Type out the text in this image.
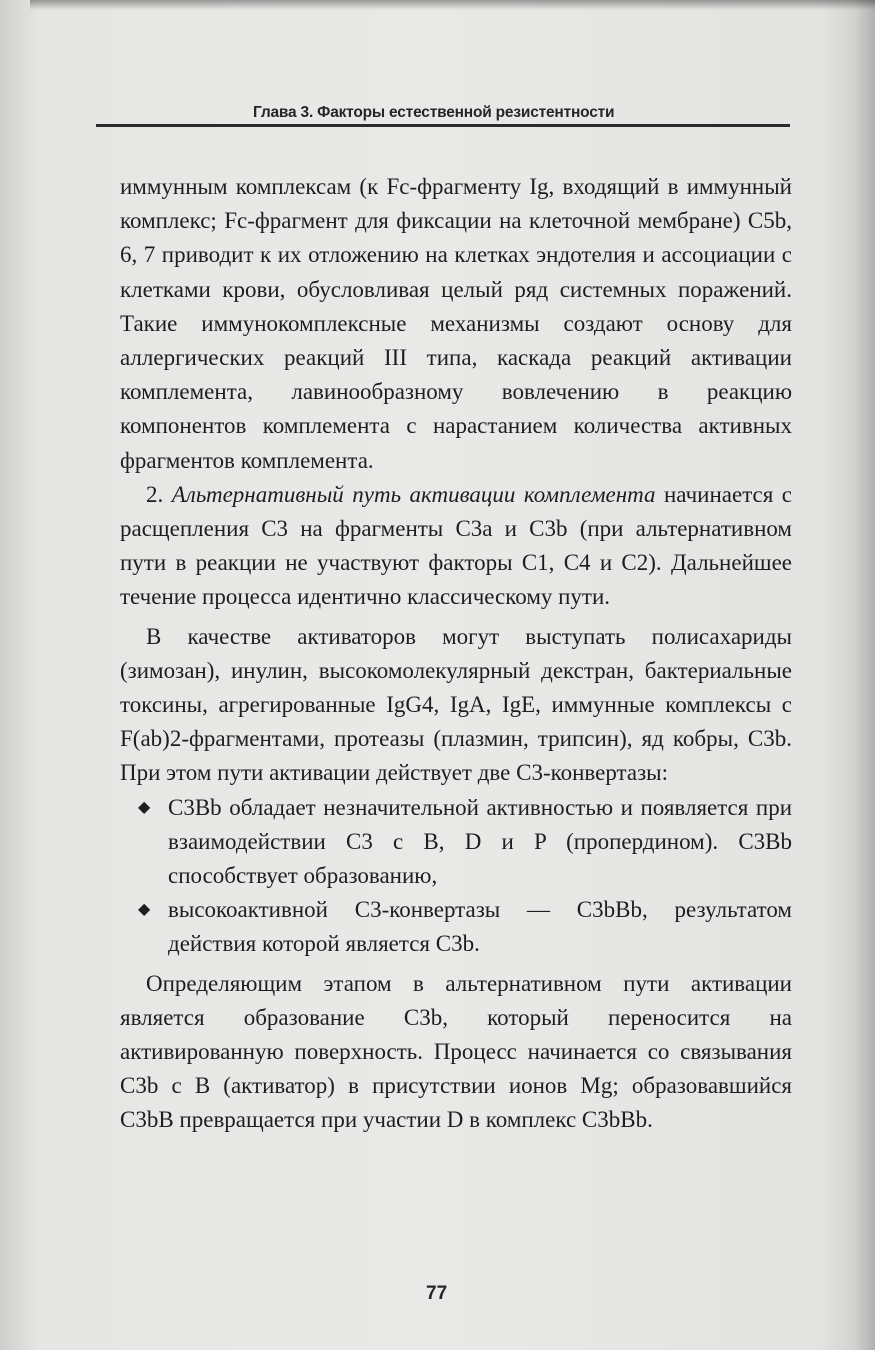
Глава 3. Факторы естественной резистентности

иммунным комплексам (к Fc-фрагменту Ig, входящий в иммунный комплекс; Fc-фрагмент для фиксации на клеточной мембране) C5b, 6, 7 приводит к их отложению на клетках эндотелия и ассоциации с клетками крови, обусловливая целый ряд системных поражений. Такие иммунокомплексные механизмы создают основу для аллергических реакций III типа, каскада реакций активации комплемента, лавинообразному вовлечению в реакцию компонентов комплемента с нарастанием количества активных фрагментов комплемента.

2. Альтернативный путь активации комплемента начинается с расщепления C3 на фрагменты C3a и C3b (при альтернативном пути в реакции не участвуют факторы C1, C4 и C2). Дальнейшее течение процесса идентично классическому пути.

В качестве активаторов могут выступать полисахариды (зимозан), инулин, высокомолекулярный декстран, бактериальные токсины, агрегированные IgG4, IgA, IgE, иммунные комплексы с F(ab)2-фрагментами, протеазы (плазмин, трипсин), яд кобры, C3b. При этом пути активации действует две C3-конвертазы:

◆ C3Bb обладает незначительной активностью и появляется при взаимодействии C3 с B, D и P (пропердином). C3Bb способствует образованию,
◆ высокоактивной C3-конвертазы — C3bBb, результатом действия которой является C3b.

Определяющим этапом в альтернативном пути активации является образование C3b, который переносится на активированную поверхность. Процесс начинается со связывания C3b с B (активатор) в присутствии ионов Mg; образовавшийся C3bB превращается при участии D в комплекс C3bBb.

77
